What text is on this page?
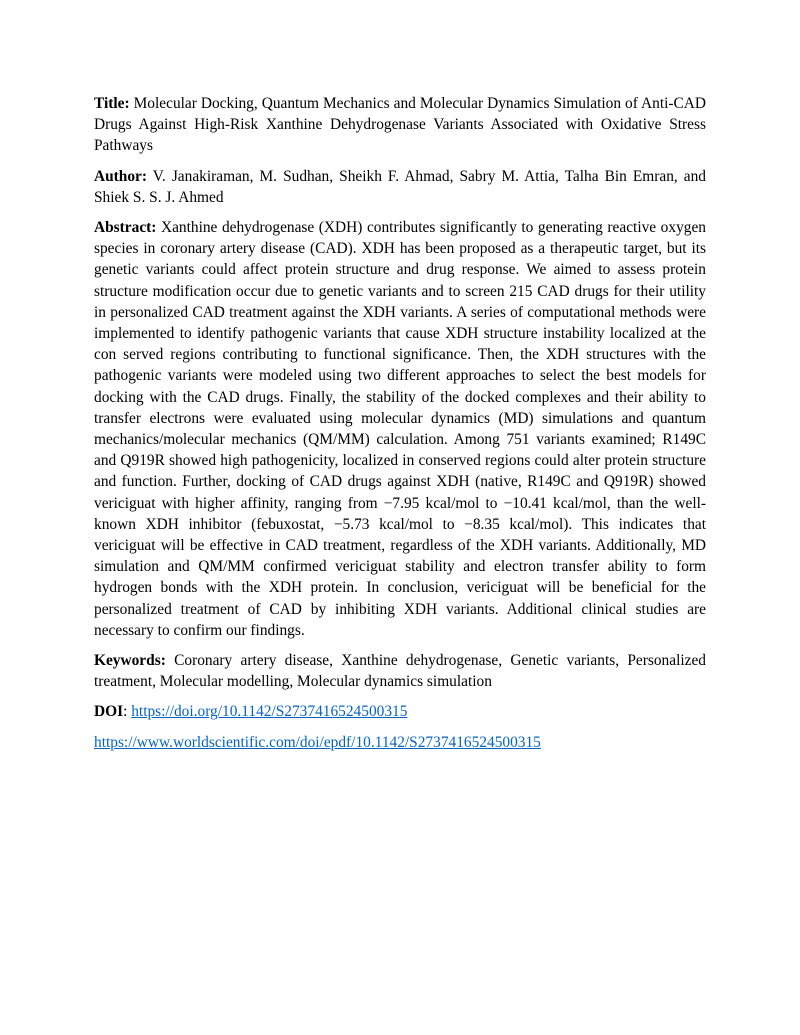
Title: Molecular Docking, Quantum Mechanics and Molecular Dynamics Simulation of Anti-CAD Drugs Against High-Risk Xanthine Dehydrogenase Variants Associated with Oxidative Stress Pathways

Author: V. Janakiraman, M. Sudhan, Sheikh F. Ahmad, Sabry M. Attia, Talha Bin Emran, and Shiek S. S. J. Ahmed

Abstract: Xanthine dehydrogenase (XDH) contributes significantly to generating reactive oxygen species in coronary artery disease (CAD). XDH has been proposed as a therapeutic target, but its genetic variants could affect protein structure and drug response. We aimed to assess protein structure modification occur due to genetic variants and to screen 215 CAD drugs for their utility in personalized CAD treatment against the XDH variants. A series of computational methods were implemented to identify pathogenic variants that cause XDH structure instability localized at the con served regions contributing to functional significance. Then, the XDH structures with the pathogenic variants were modeled using two different approaches to select the best models for docking with the CAD drugs. Finally, the stability of the docked complexes and their ability to transfer electrons were evaluated using molecular dynamics (MD) simulations and quantum mechanics/molecular mechanics (QM/MM) calculation. Among 751 variants examined; R149C and Q919R showed high pathogenicity, localized in conserved regions could alter protein structure and function. Further, docking of CAD drugs against XDH (native, R149C and Q919R) showed vericiguat with higher affinity, ranging from −7.95 kcal/mol to −10.41 kcal/mol, than the well-known XDH inhibitor (febuxostat, −5.73 kcal/mol to −8.35 kcal/mol). This indicates that vericiguat will be effective in CAD treatment, regardless of the XDH variants. Additionally, MD simulation and QM/MM confirmed vericiguat stability and electron transfer ability to form hydrogen bonds with the XDH protein. In conclusion, vericiguat will be beneficial for the personalized treatment of CAD by inhibiting XDH variants. Additional clinical studies are necessary to confirm our findings.

Keywords: Coronary artery disease, Xanthine dehydrogenase, Genetic variants, Personalized treatment, Molecular modelling, Molecular dynamics simulation

DOI: https://doi.org/10.1142/S2737416524500315

https://www.worldscientific.com/doi/epdf/10.1142/S2737416524500315
